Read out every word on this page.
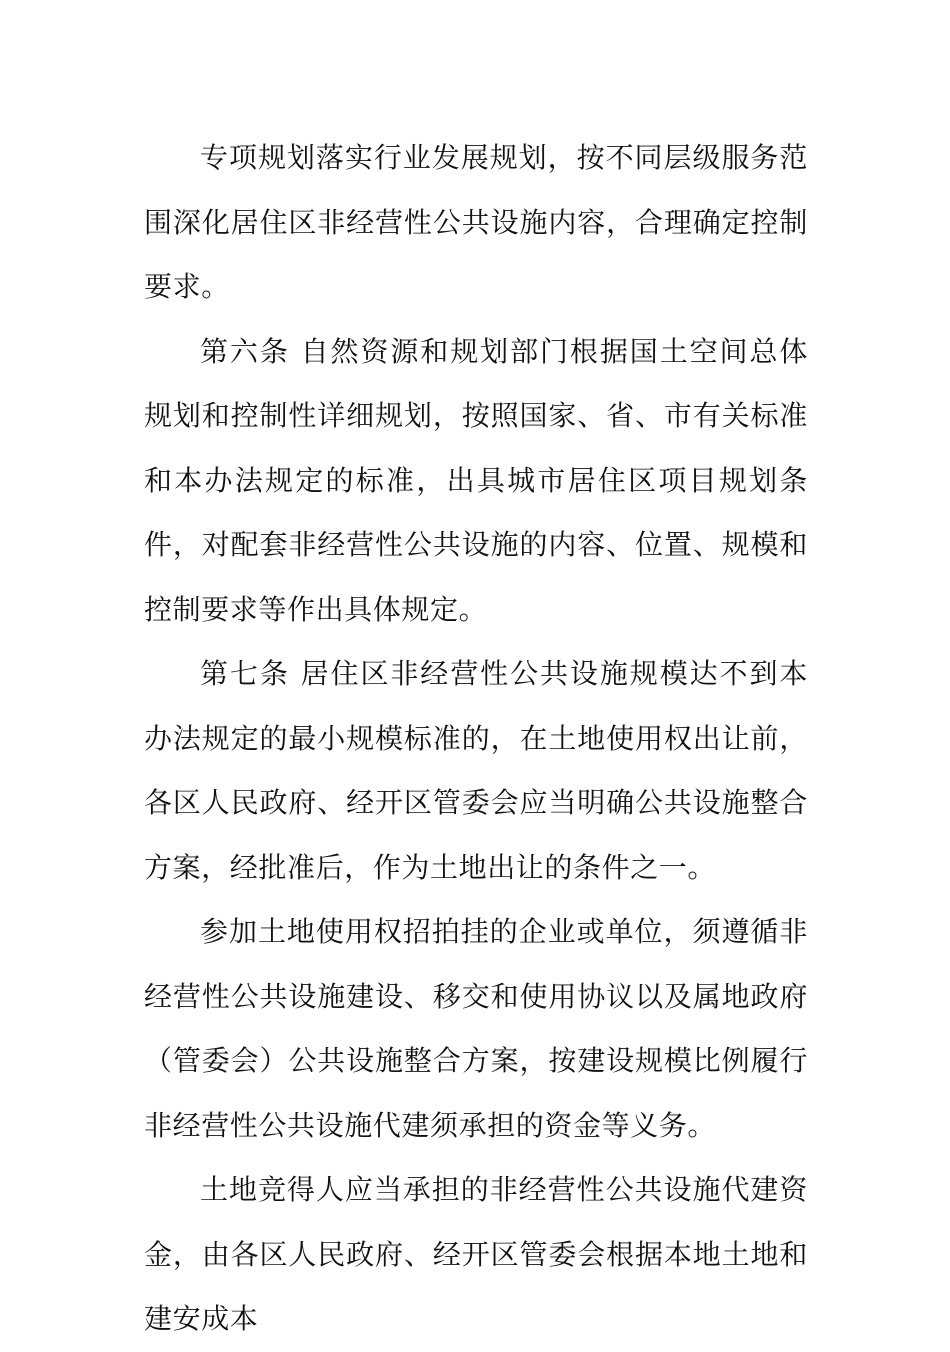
专项规划落实行业发展规划，按不同层级服务范围深化居住区非经营性公共设施内容，合理确定控制要求。

第六条 自然资源和规划部门根据国土空间总体规划和控制性详细规划，按照国家、省、市有关标准和本办法规定的标准，出具城市居住区项目规划条件，对配套非经营性公共设施的内容、位置、规模和控制要求等作出具体规定。

第七条 居住区非经营性公共设施规模达不到本办法规定的最小规模标准的，在土地使用权出让前，各区人民政府、经开区管委会应当明确公共设施整合方案，经批准后，作为土地出让的条件之一。

参加土地使用权招拍挂的企业或单位，须遵循非经营性公共设施建设、移交和使用协议以及属地政府（管委会）公共设施整合方案，按建设规模比例履行非经营性公共设施代建须承担的资金等义务。

土地竞得人应当承担的非经营性公共设施代建资金，由各区人民政府、经开区管委会根据本地土地和建安成本
